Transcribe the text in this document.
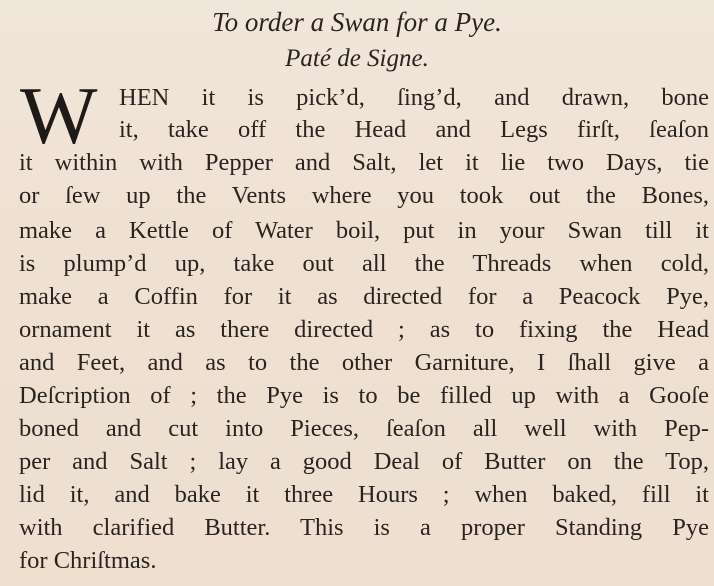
To order a Swan for a Pye.
Paté de Signe.
W HEN it is pick’d, ſing’d, and drawn, bone
it, take off the Head and Legs firſt, ſeaſon
it within with Pepper and Salt, let it lie two Days, tie
or ſew up the Vents where you took out the Bones,
make a Kettle of Water boil, put in your Swan till it
is plump’d up, take out all the Threads when cold,
make a Coffin for it as directed for a Peacock Pye,
ornament it as there directed ; as to fixing the Head
and Feet, and as to the other Garniture, I ſhall give a
Deſcription of ; the Pye is to be filled up with a Gooſe
boned and cut into Pieces, ſeaſon all well with Pep-
per and Salt ; lay a good Deal of Butter on the Top,
lid it, and bake it three Hours ; when baked, fill it
with clarified Butter. This is a proper Standing Pye
for Chriſtmas.
